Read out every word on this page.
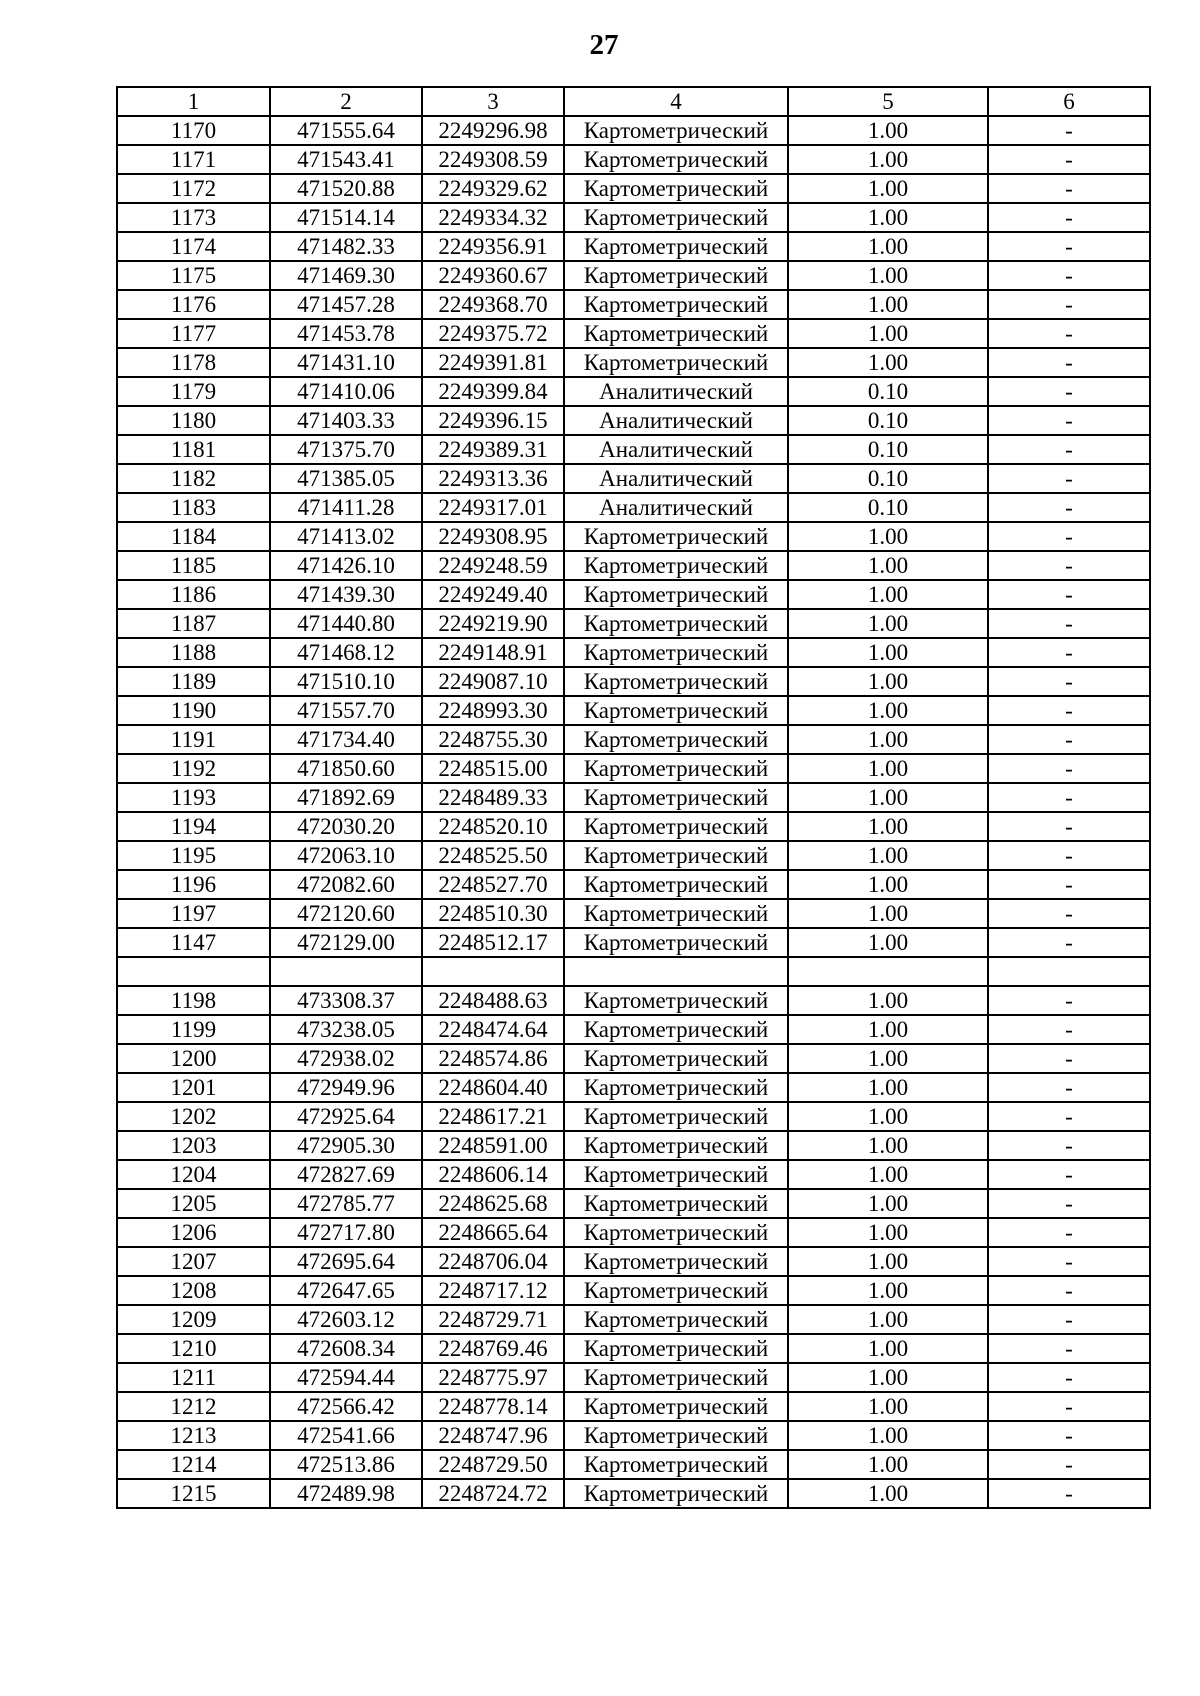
27
1	2	3	4	5	6
1170	471555.64	2249296.98	Картометрический	1.00	-
1171	471543.41	2249308.59	Картометрический	1.00	-
1172	471520.88	2249329.62	Картометрический	1.00	-
1173	471514.14	2249334.32	Картометрический	1.00	-
1174	471482.33	2249356.91	Картометрический	1.00	-
1175	471469.30	2249360.67	Картометрический	1.00	-
1176	471457.28	2249368.70	Картометрический	1.00	-
1177	471453.78	2249375.72	Картометрический	1.00	-
1178	471431.10	2249391.81	Картометрический	1.00	-
1179	471410.06	2249399.84	Аналитический	0.10	-
1180	471403.33	2249396.15	Аналитический	0.10	-
1181	471375.70	2249389.31	Аналитический	0.10	-
1182	471385.05	2249313.36	Аналитический	0.10	-
1183	471411.28	2249317.01	Аналитический	0.10	-
1184	471413.02	2249308.95	Картометрический	1.00	-
1185	471426.10	2249248.59	Картометрический	1.00	-
1186	471439.30	2249249.40	Картометрический	1.00	-
1187	471440.80	2249219.90	Картометрический	1.00	-
1188	471468.12	2249148.91	Картометрический	1.00	-
1189	471510.10	2249087.10	Картометрический	1.00	-
1190	471557.70	2248993.30	Картометрический	1.00	-
1191	471734.40	2248755.30	Картометрический	1.00	-
1192	471850.60	2248515.00	Картометрический	1.00	-
1193	471892.69	2248489.33	Картометрический	1.00	-
1194	472030.20	2248520.10	Картометрический	1.00	-
1195	472063.10	2248525.50	Картометрический	1.00	-
1196	472082.60	2248527.70	Картометрический	1.00	-
1197	472120.60	2248510.30	Картометрический	1.00	-
1147	472129.00	2248512.17	Картометрический	1.00	-

1198	473308.37	2248488.63	Картометрический	1.00	-
1199	473238.05	2248474.64	Картометрический	1.00	-
1200	472938.02	2248574.86	Картометрический	1.00	-
1201	472949.96	2248604.40	Картометрический	1.00	-
1202	472925.64	2248617.21	Картометрический	1.00	-
1203	472905.30	2248591.00	Картометрический	1.00	-
1204	472827.69	2248606.14	Картометрический	1.00	-
1205	472785.77	2248625.68	Картометрический	1.00	-
1206	472717.80	2248665.64	Картометрический	1.00	-
1207	472695.64	2248706.04	Картометрический	1.00	-
1208	472647.65	2248717.12	Картометрический	1.00	-
1209	472603.12	2248729.71	Картометрический	1.00	-
1210	472608.34	2248769.46	Картометрический	1.00	-
1211	472594.44	2248775.97	Картометрический	1.00	-
1212	472566.42	2248778.14	Картометрический	1.00	-
1213	472541.66	2248747.96	Картометрический	1.00	-
1214	472513.86	2248729.50	Картометрический	1.00	-
1215	472489.98	2248724.72	Картометрический	1.00	-
